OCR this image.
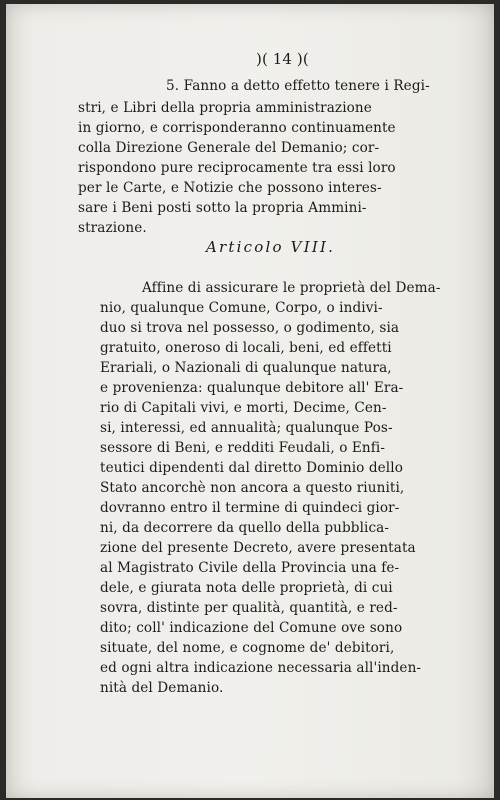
)( 14 )(
5. Fanno a detto effetto tenere i Regi-
stri, e Libri della propria amministrazione
in giorno, e corrisponderanno continuamente
colla Direzione Generale del Demanio; cor-
rispondono pure reciprocamente tra essi loro
per le Carte, e Notizie che possono interes-
sare i Beni posti sotto la propria Ammini-
strazione.
Articolo VIII.
Affine di assicurare le proprietà del Dema-
nio, qualunque Comune, Corpo, o indivi-
duo si trova nel possesso, o godimento, sia
gratuito, oneroso di locali, beni, ed effetti
Erariali, o Nazionali di qualunque natura,
e provenienza: qualunque debitore all' Era-
rio di Capitali vivi, e morti, Decime, Cen-
si, interessi, ed annualità; qualunque Pos-
sessore di Beni, e redditi Feudali, o Enfi-
teutici dipendenti dal diretto Dominio dello
Stato ancorchè non ancora a questo riuniti,
dovranno entro il termine di quindeci gior-
ni, da decorrere da quello della pubblica-
zione del presente Decreto, avere presentata
al Magistrato Civile della Provincia una fe-
dele, e giurata nota delle proprietà, di cui
sovra, distinte per qualità, quantità, e red-
dito; coll' indicazione del Comune ove sono
situate, del nome, e cognome de' debitori,
ed ogni altra indicazione necessaria all'inden-
nità del Demanio.
